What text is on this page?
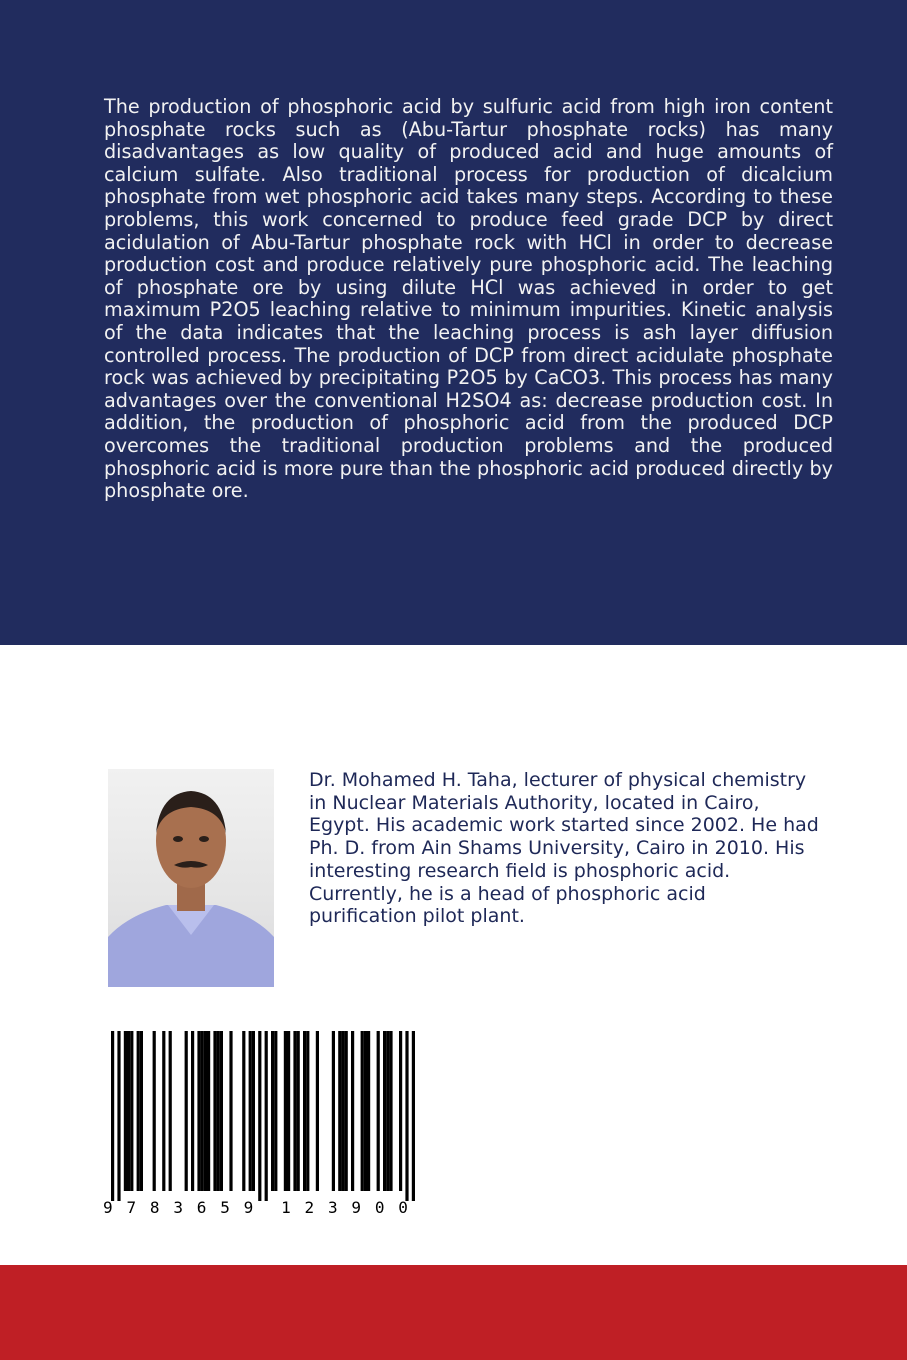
The production of phosphoric acid by sulfuric acid from high iron content phosphate rocks such as (Abu-Tartur phosphate rocks) has many disadvantages as low quality of produced acid and huge amounts of calcium sulfate. Also traditional process for production of dicalcium phosphate from wet phosphoric acid takes many steps. According to these problems, this work concerned to produce feed grade DCP by direct acidulation of Abu-Tartur phosphate rock with HCl in order to decrease production cost and produce relatively pure phosphoric acid. The leaching of phosphate ore by using dilute HCl was achieved in order to get maximum P2O5 leaching relative to minimum impurities. Kinetic analysis of the data indicates that the leaching process is ash layer diffusion controlled process. The production of DCP from direct acidulate phosphate rock was achieved by precipitating P2O5 by CaCO3. This process has many advantages over the conventional H2SO4 as: decrease production cost. In addition, the production of phosphoric acid from the produced DCP overcomes the traditional production problems and the produced phosphoric acid is more pure than the phosphoric acid produced directly by phosphate ore.

Dr. Mohamed H. Taha, lecturer of physical chemistry
in Nuclear Materials Authority, located in Cairo,
Egypt. His academic work started since 2002. He had
Ph. D. from Ain Shams University, Cairo in 2010. His
interesting research field is phosphoric acid.
Currently, he is a head of phosphoric acid
purification pilot plant.

9 7 8 3 6 5 9 1 2 3 9 0 0
